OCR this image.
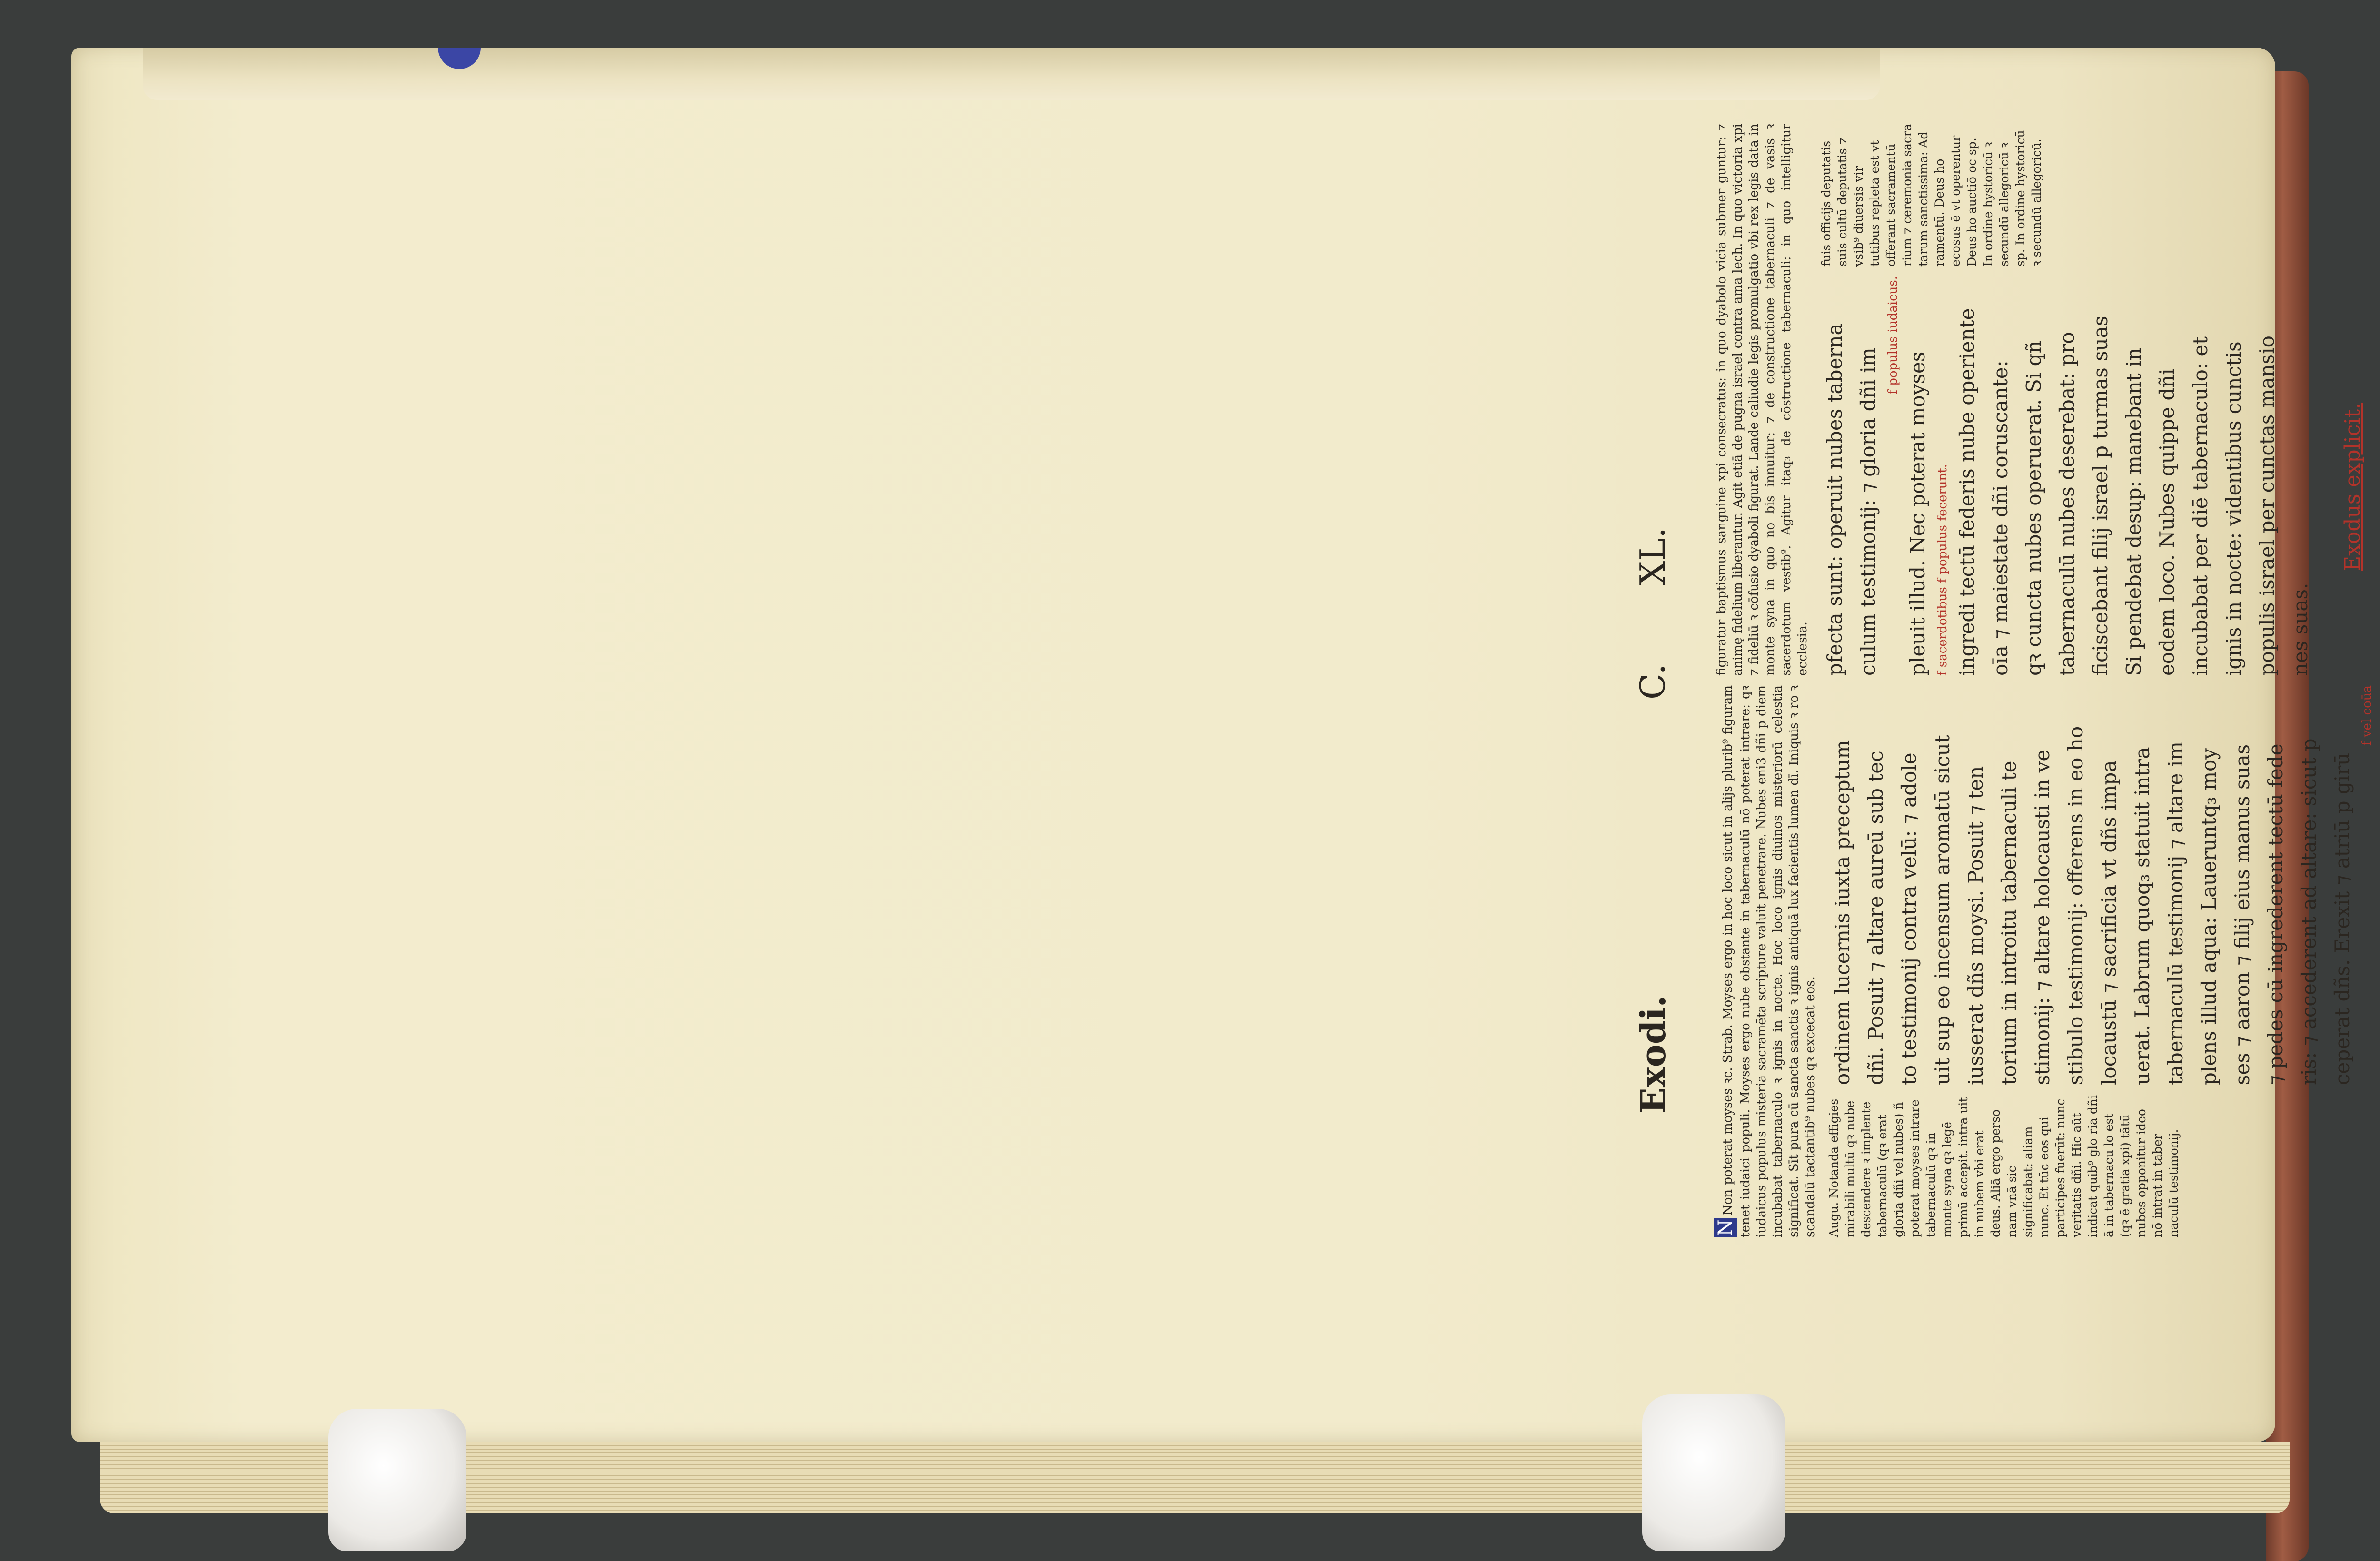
Exodi.
C.
XL.

NNon poterat moyses ꝛc. Strab. Moyses ergo in hoc loco sicut in alijs plurib⁹ figuram tenet iudaici populi. Moyses ergo nube obstante in tabernaculū nō poterat intrare: qꝛ iudaicus populus misteria sacramēta scripture valuit penetrare. Nubes eni3 dñi p diem incubabat tabernaculo ꝛ ignis in nocte. Hoc loco ignis diuinos misteriorū celestia significat. Sīt pura cū sancta sanctis ꝛ ignis antiquā lux facientis lumen dī. Iniquis ꝛ ro ꝛ scandalū tactantib⁹ nubes qꝛ excecat eos. Augu. Notanda effigies mirabili multū qꝛ nube descendere ꝛ implente tabernaculū (qꝛ erat gloria dñi vel nubes) ñ poterat moyses intrare tabernaculū qꝛ in monte syna qꝛ legē primū accepit. intra uit in nubem vbi erat deus. Aliā ergo perso nam vnā sic significabat: aliam nunc. Et tūc eos qui participes fuerūt: nunc veritatis dñi. Hic aūt indicat quib⁹ glo ria dñi ā in tabernacu lo est (qꝛ ē gratia xpi) tātū nubes opponitur ideo nō intrat in taber naculū testimonij.
ordinem lucernis iuxta preceptum dñi. Posuit ⁊ altare aureū sub tec to testimonij contra velū: ⁊ adole uit sup eo incensum aromatū sicut iusserat dñs moysi. Posuit ⁊ ten torium in introitu tabernaculi te stimonij: ⁊ altare holocausti in ve stibulo testimonij: offerens in eo ho locaustū ⁊ sacrificia vt dñs impa uerat. Labrum quoq₃ statuit intra tabernaculū testimonij ⁊ altare im plens illud aqua: Laueruntq₃ moy ses ⁊ aaron ⁊ filij eius manus suas ⁊ pedes cū ingrederent tectū fede ris: ⁊ accederent ad altare: sicut p ceperat dñs. Erexit ⁊ atriū p girū
f vel coūa

figuratur baptismus sanguine xpi consecratus: in quo dyabolo vicia submer guntur: ⁊ animę fidelium liberantur. Agit etiā de pugna israel contra ama lech. In quo victoria xpi ⁊ fideliū ꝛ cōfusio dyaboli figurat. Lande caliudie legis promulgatio vbi rex legis data in monte syna in quo no bis innuitur: ⁊ de constructione tabernaculi ⁊ de vasis ꝛ sacerdotum vestib⁹. Agitur itaq₃ de cōstructione tabernaculi: in quo intelligitur ecclesia. pfecta sunt: operuit nubes taberna culum testimonij: ⁊ gloria dñi im
f populus iudaicus.
pleuit illud. Nec poterat moyses f sacerdotibus f populus fecerunt. ingredi tectū federis nube operiente oīa ⁊ maiestate dñi coruscante: qꝛ cuncta nubes operuerat. Si qñ tabernaculū nubes deserebat: pro ficiscebant filij israel p turmas suas Si pendebat desup: manebant in eodem loco. Nubes quippe dñi incubabat per diē tabernaculo: et ignis in nocte: videntibus cunctis populis israel per cunctas mansio nes suas.
Exodus explicit.
fuis officijs deputatis suis cultū deputatis ⁊ vsib⁹ diuersis vir tutibus repleta est vt offerant sacramentū rium ⁊ ceremonia sacra tarum sanctissima: Ad ramentū. Deus ho ecosus ē vt operentur Deus ho auctiō oc sp. In ordine hystoricū ꝛ secundū allegoricū ꝛ sp. In ordine hystoricū ꝛ secundū allegoricū.
